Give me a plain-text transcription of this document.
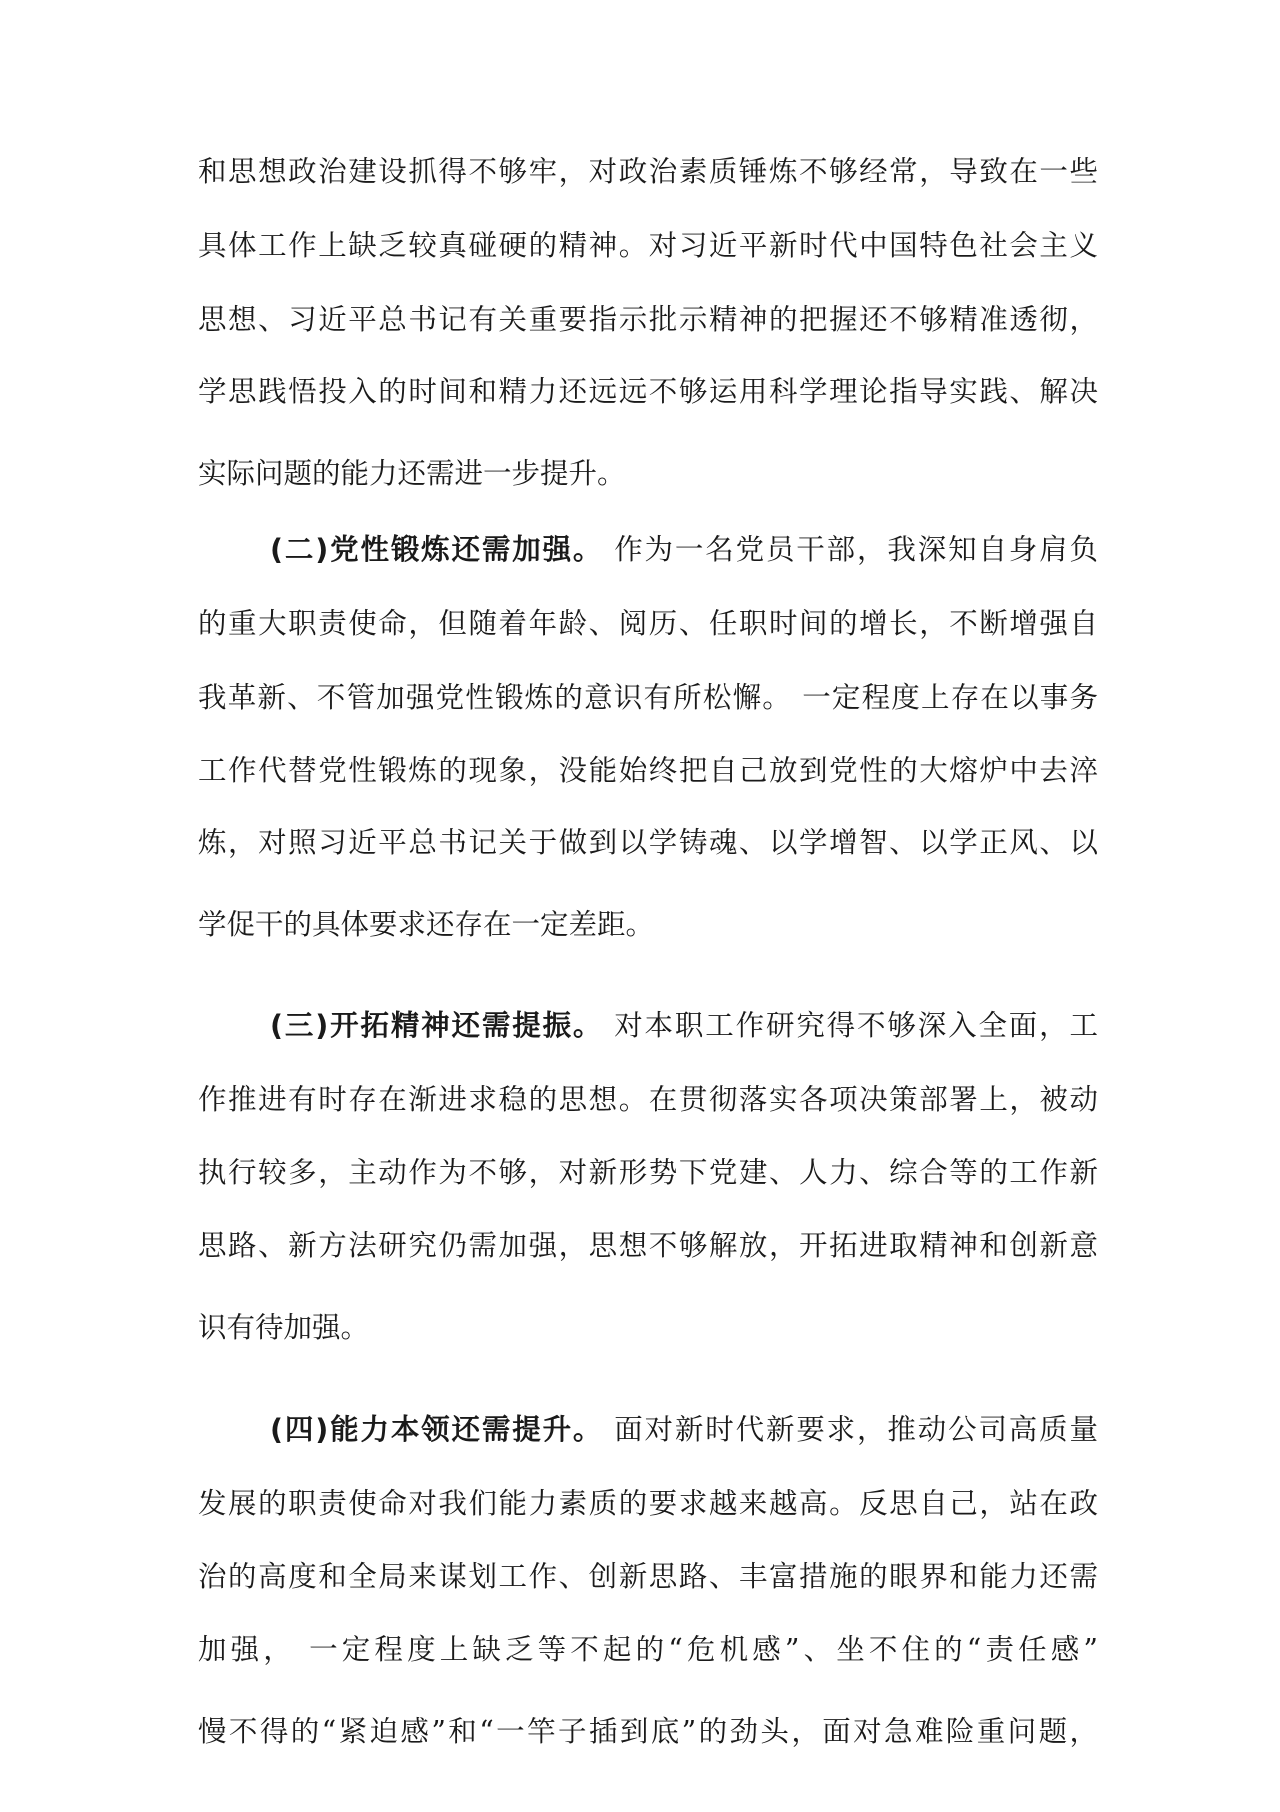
和思想政治建设抓得不够牢，对政治素质锤炼不够经常，导致在一些
具体工作上缺乏较真碰硬的精神。对习近平新时代中国特色社会主义
思想、习近平总书记有关重要指示批示精神的把握还不够精准透彻，
学思践悟投入的时间和精力还远远不够运用科学理论指导实践、解决
实际问题的能力还需进一步提升。
(二)党性锻炼还需加强。 作为一名党员干部，我深知自身肩负
的重大职责使命，但随着年龄、阅历、任职时间的增长，不断增强自
我革新、不管加强党性锻炼的意识有所松懈。 一定程度上存在以事务
工作代替党性锻炼的现象，没能始终把自己放到党性的大熔炉中去淬
炼，对照习近平总书记关于做到以学铸魂、以学增智、以学正风、以
学促干的具体要求还存在一定差距。
(三)开拓精神还需提振。 对本职工作研究得不够深入全面，工
作推进有时存在渐进求稳的思想。在贯彻落实各项决策部署上，被动
执行较多，主动作为不够，对新形势下党建、人力、综合等的工作新
思路、新方法研究仍需加强，思想不够解放，开拓进取精神和创新意
识有待加强。
(四)能力本领还需提升。 面对新时代新要求，推动公司高质量
发展的职责使命对我们能力素质的要求越来越高。反思自己，站在政
治的高度和全局来谋划工作、创新思路、丰富措施的眼界和能力还需
加强， 一定程度上缺乏等不起的“危机感”、坐不住的“责任感”
慢不得的“紧迫感”和“一竿子插到底”的劲头，面对急难险重问题，
